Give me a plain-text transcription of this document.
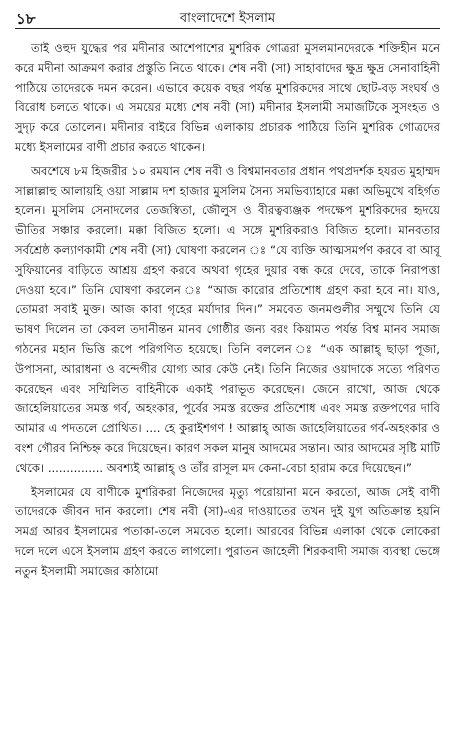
১৮	বাংলাদেশে ইসলাম

তাই ওহুদ যুদ্ধের পর মদীনার আশেপাশের মুশরিক গোত্ররা মুসলমানদেরকে শক্তিহীন মনে করে মদীনা আক্রমণ করার প্রস্তুতি নিতে থাকে। শেষ নবী (সা) সাহাবাদের ক্ষুদ্র ক্ষুদ্র সেনাবাহিনী পাঠিয়ে তাদেরকে দমন করেন। এভাবে কয়েক বছর পর্যন্ত মুশরিকদের সাথে ছোট-বড় সংঘর্ষ ও বিরোধ চলতে থাকে। এ সময়ের মধ্যে শেষ নবী (সা) মদীনার ইসলামী সমাজটিকে সুসংহত ও সুদৃঢ় করে তোলেন। মদীনার বাইরে বিভিন্ন এলাকায় প্রচারক পাঠিয়ে তিনি মুশরিক গোত্রদের মধ্যে ইসলামের বাণী প্রচার করতে থাকেন।

অবশেষে ৮ম হিজরীর ১০ রমযান শেষ নবী ও বিশ্বমানবতার প্রধান পথপ্রদর্শক হযরত মুহাম্মদ সাল্লাল্লাহু আলায়হি ওয়া সাল্লাম দশ হাজার মুসলিম সৈন্য সমভিব্যাহারে মক্কা অভিমুখে বহির্গত হলেন। মুসলিম সেনাদলের তেজস্বিতা, জৌলুস ও বীরত্বব্যঞ্জক পদক্ষেপ মুশরিকদের হৃদয়ে ভীতির সঞ্চার করলো। মক্কা বিজিত হলো। এ সঙ্গে মুশরিকরাও বিজিত হলো। মানবতার সর্বশ্রেষ্ঠ কল্যাণকামী শেষ নবী (সা) ঘোষণা করলেন ঃ “যে ব্যক্তি আত্মসমর্পণ করবে বা আবূ সুফিয়ানের বাড়িতে আশ্রয় গ্রহণ করবে অথবা গৃহের দুয়ার বন্ধ করে দেবে, তাকে নিরাপত্তা দেওয়া হবে।” তিনি ঘোষণা করলেন ঃ “আজ কারোর প্রতিশোধ গ্রহণ করা হবে না। যাও, তোমরা সবাই মুক্ত। আজ কাবা গৃহের মর্যাদার দিন।” সমবেত জনমণ্ডলীর সম্মুখে তিনি যে ভাষণ দিলেন তা কেবল তদানীন্তন মানব গোষ্ঠীর জন্য বরং কিয়ামত পর্যন্ত বিশ্ব মানব সমাজ গঠনের মহান ভিত্তি রূপে পরিগণিত হয়েছে। তিনি বললেন ঃ “এক আল্লাহ্ ছাড়া পূজা, উপাসনা, আরাধনা ও বন্দেগীর যোগ্য আর কেউ নেই। তিনি নিজের ওয়াদাকে সত্যে পরিণত করেছেন এবং সম্মিলিত বাহিনীকে একাই পরাভূত করেছেন। জেনে রাখো, আজ থেকে জাহেলিয়াতের সমস্ত গর্ব, অহংকার, পূর্বের সমস্ত রক্তের প্রতিশোধ এবং সমস্ত রক্তপণের দাবি আমার এ পদতলে প্রোথিত। .... হে কুরাইশগণ ! আল্লাহ্ আজ জাহেলিয়াতের গর্ব-অহংকার ও বংশ গৌরব নিশ্চিহ্ন করে দিয়েছেন। কারণ সকল মানুষ আদমের সন্তান। আর আদমের সৃষ্টি মাটি থেকে। ............... অবশ্যই আল্লাহ্ ও তাঁর রাসূল মদ কেনা-বেচা হারাম করে দিয়েছেন।”

ইসলামের যে বাণীকে মুশরিকরা নিজেদের মৃত্যু পরোয়ানা মনে করতো, আজ সেই বাণী তাদেরকে জীবন দান করলো। শেষ নবী (সা)-এর দাওয়াতের তখন দুই যুগ অতিক্রান্ত হয়নি সমগ্র আরব ইসলামের পতাকা-তলে সমবেত হলো। আরবের বিভিন্ন এলাকা থেকে লোকেরা দলে দলে এসে ইসলাম গ্রহণ করতে লাগলো। পুরাতন জাহেলী শিরকবাদী সমাজ ব্যবস্থা ভেঙ্গে নতুন ইসলামী সমাজের কাঠামো
